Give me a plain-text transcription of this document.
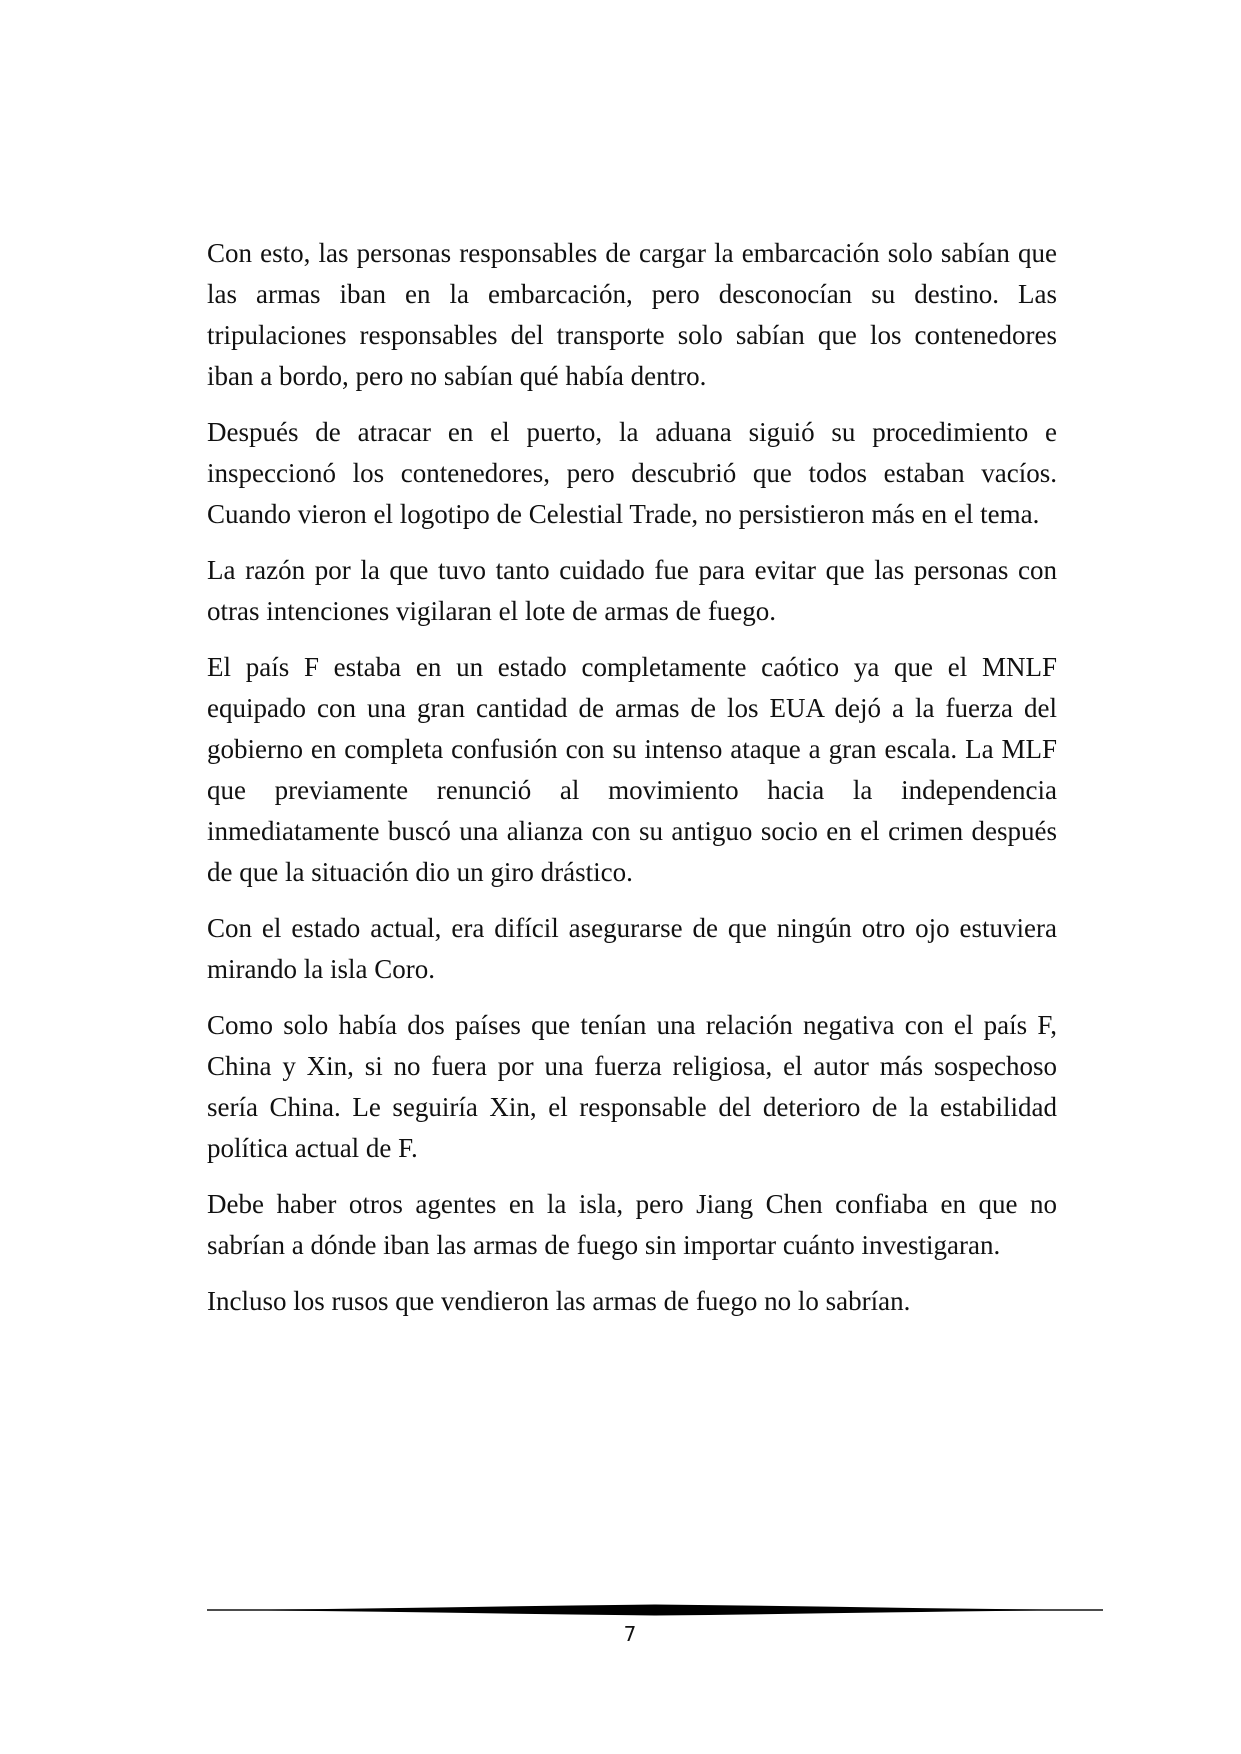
Con esto, las personas responsables de cargar la embarcación solo sabían que las armas iban en la embarcación, pero desconocían su destino. Las tripulaciones responsables del transporte solo sabían que los contenedores iban a bordo, pero no sabían qué había dentro.

Después de atracar en el puerto, la aduana siguió su procedimiento e inspeccionó los contenedores, pero descubrió que todos estaban vacíos. Cuando vieron el logotipo de Celestial Trade, no persistieron más en el tema.

La razón por la que tuvo tanto cuidado fue para evitar que las personas con otras intenciones vigilaran el lote de armas de fuego.

El país F estaba en un estado completamente caótico ya que el MNLF equipado con una gran cantidad de armas de los EUA dejó a la fuerza del gobierno en completa confusión con su intenso ataque a gran escala. La MLF que previamente renunció al movimiento hacia la independencia inmediatamente buscó una alianza con su antiguo socio en el crimen después de que la situación dio un giro drástico.

Con el estado actual, era difícil asegurarse de que ningún otro ojo estuviera mirando la isla Coro.

Como solo había dos países que tenían una relación negativa con el país F, China y Xin, si no fuera por una fuerza religiosa, el autor más sospechoso sería China. Le seguiría Xin, el responsable del deterioro de la estabilidad política actual de F.

Debe haber otros agentes en la isla, pero Jiang Chen confiaba en que no sabrían a dónde iban las armas de fuego sin importar cuánto investigaran.

Incluso los rusos que vendieron las armas de fuego no lo sabrían.

7
